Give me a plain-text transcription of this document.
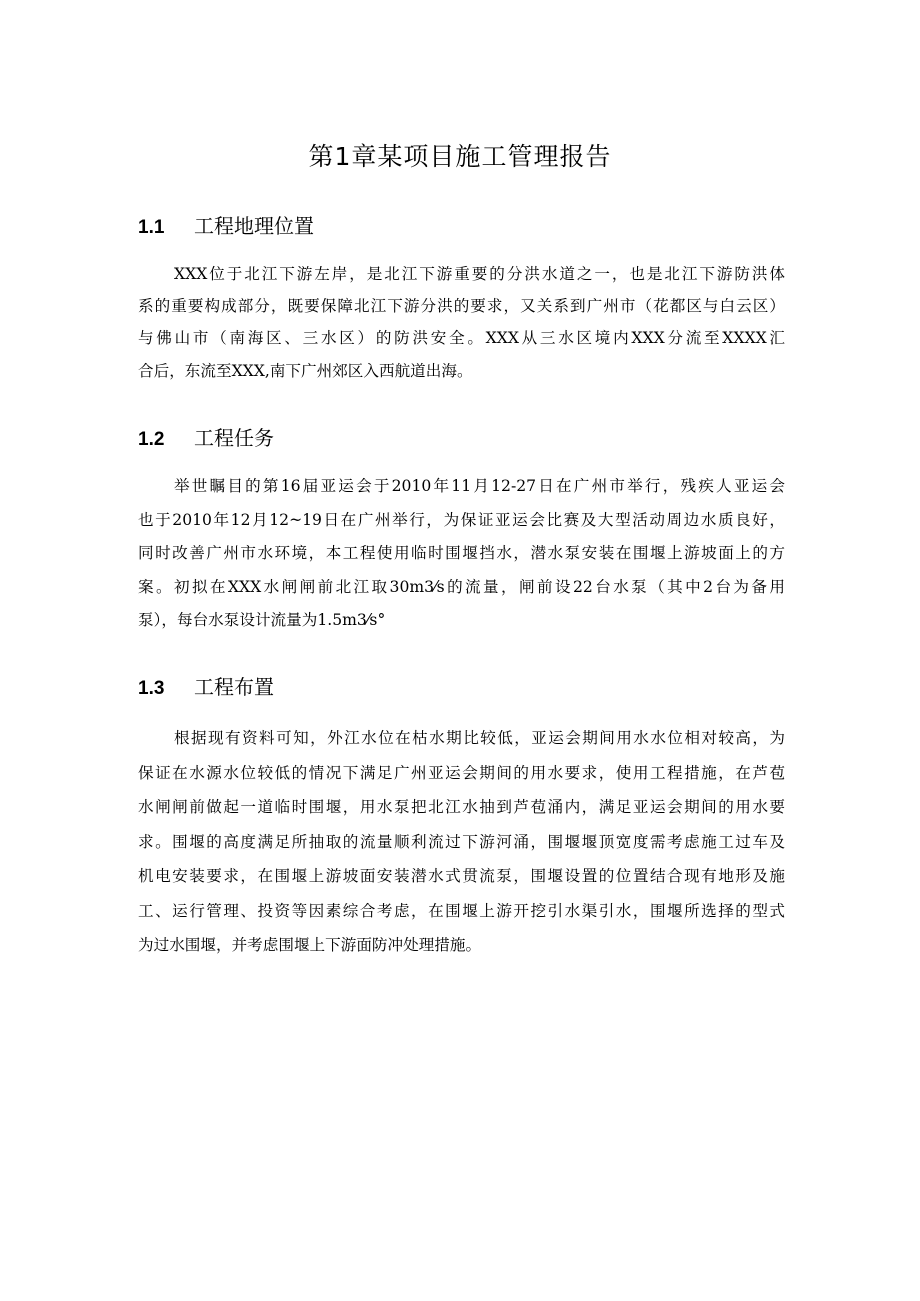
第1章某项目施工管理报告
1.1 工程地理位置
XXX位于北江下游左岸，是北江下游重要的分洪水道之一，也是北江下游防洪体
系的重要构成部分，既要保障北江下游分洪的要求，又关系到广州市（花都区与白云区）
与佛山市（南海区、三水区）的防洪安全。XXX从三水区境内XXX分流至XXXX汇
合后，东流至XXX,南下广州郊区入西航道出海。
1.2 工程任务
举世瞩目的第16届亚运会于2010年11月12-27日在广州市举行，残疾人亚运会
也于2010年12月12~19日在广州举行，为保证亚运会比赛及大型活动周边水质良好，
同时改善广州市水环境，本工程使用临时围堰挡水，潜水泵安装在围堰上游坡面上的方
案。初拟在XXX水闸闸前北江取30m3⁄s的流量，闸前设22台水泵（其中2台为备用
泵），每台水泵设计流量为1.5m3⁄s°
1.3 工程布置
根据现有资料可知，外江水位在枯水期比较低，亚运会期间用水水位相对较高，为
保证在水源水位较低的情况下满足广州亚运会期间的用水要求，使用工程措施，在芦苞
水闸闸前做起一道临时围堰，用水泵把北江水抽到芦苞涌内，满足亚运会期间的用水要
求。围堰的高度满足所抽取的流量顺利流过下游河涌，围堰堰顶宽度需考虑施工过车及
机电安装要求，在围堰上游坡面安装潜水式贯流泵，围堰设置的位置结合现有地形及施
工、运行管理、投资等因素综合考虑，在围堰上游开挖引水渠引水，围堰所选择的型式
为过水围堰，并考虑围堰上下游面防冲处理措施。
